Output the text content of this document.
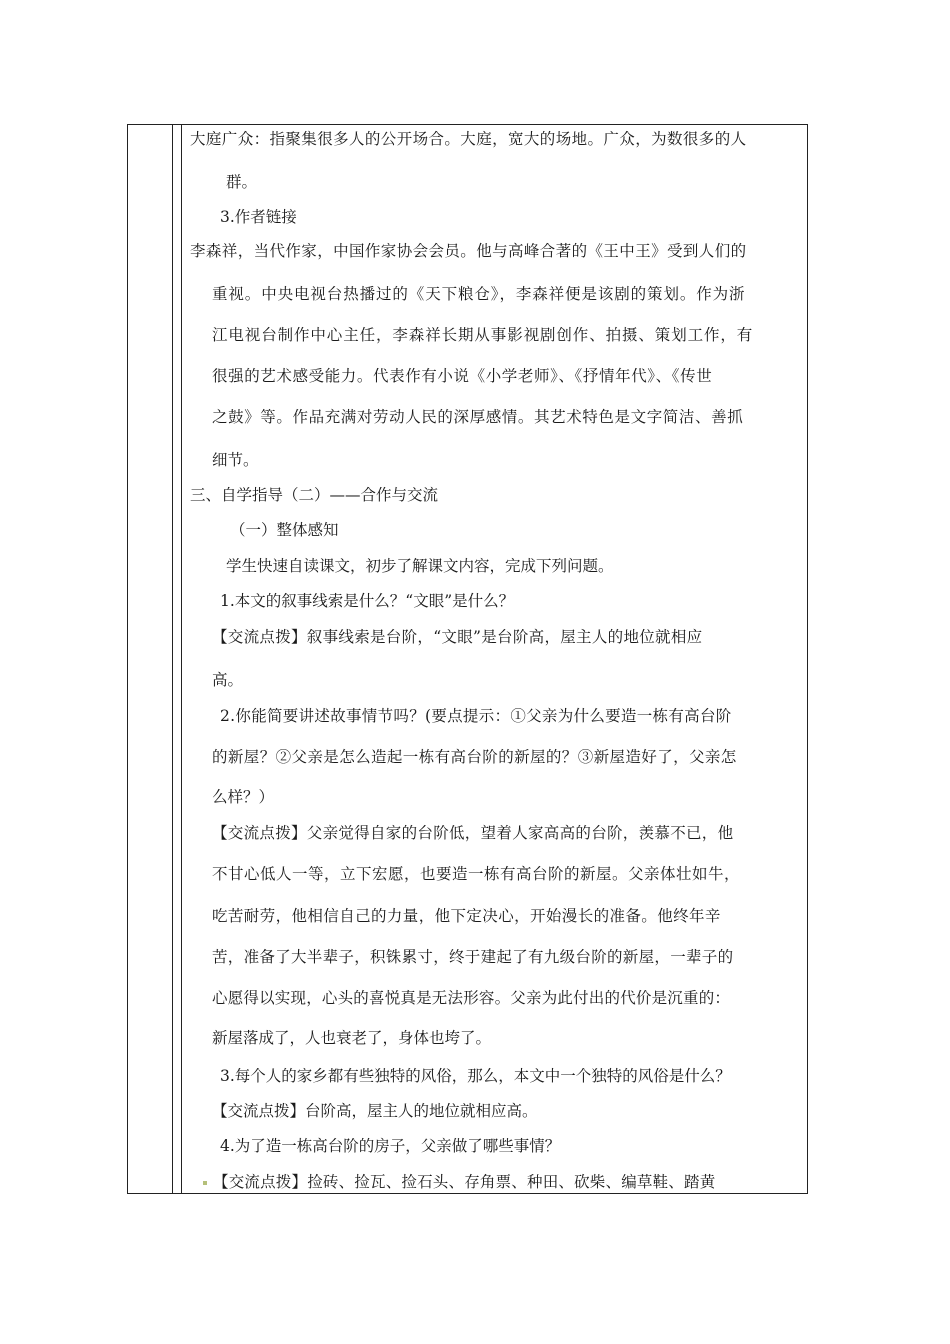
大庭广众：指聚集很多人的公开场合。大庭，宽大的场地。广众，为数很多的人
群。
3.作者链接
李森祥，当代作家，中国作家协会会员。他与高峰合著的《王中王》受到人们的
重视。中央电视台热播过的《天下粮仓》，李森祥便是该剧的策划。作为浙
江电视台制作中心主任，李森祥长期从事影视剧创作、拍摄、策划工作，有
很强的艺术感受能力。代表作有小说《小学老师》、《抒情年代》、《传世
之鼓》等。作品充满对劳动人民的深厚感情。其艺术特色是文字简洁、善抓
细节。
三、自学指导（二）——合作与交流
（一）整体感知
学生快速自读课文，初步了解课文内容，完成下列问题。
1.本文的叙事线索是什么？“文眼”是什么？
【交流点拨】叙事线索是台阶，“文眼”是台阶高，屋主人的地位就相应
高。
2.你能简要讲述故事情节吗？(要点提示：①父亲为什么要造一栋有高台阶
的新屋？②父亲是怎么造起一栋有高台阶的新屋的？③新屋造好了，父亲怎
么样？）
【交流点拨】父亲觉得自家的台阶低，望着人家高高的台阶，羡慕不已，他
不甘心低人一等，立下宏愿，也要造一栋有高台阶的新屋。父亲体壮如牛，
吃苦耐劳，他相信自己的力量，他下定决心，开始漫长的准备。他终年辛
苦，准备了大半辈子，积铢累寸，终于建起了有九级台阶的新屋，一辈子的
心愿得以实现，心头的喜悦真是无法形容。父亲为此付出的代价是沉重的：
新屋落成了，人也衰老了，身体也垮了。
3.每个人的家乡都有些独特的风俗，那么，本文中一个独特的风俗是什么？
【交流点拨】台阶高，屋主人的地位就相应高。
4.为了造一栋高台阶的房子，父亲做了哪些事情？
【交流点拨】捡砖、捡瓦、捡石头、存角票、种田、砍柴、编草鞋、踏黄
